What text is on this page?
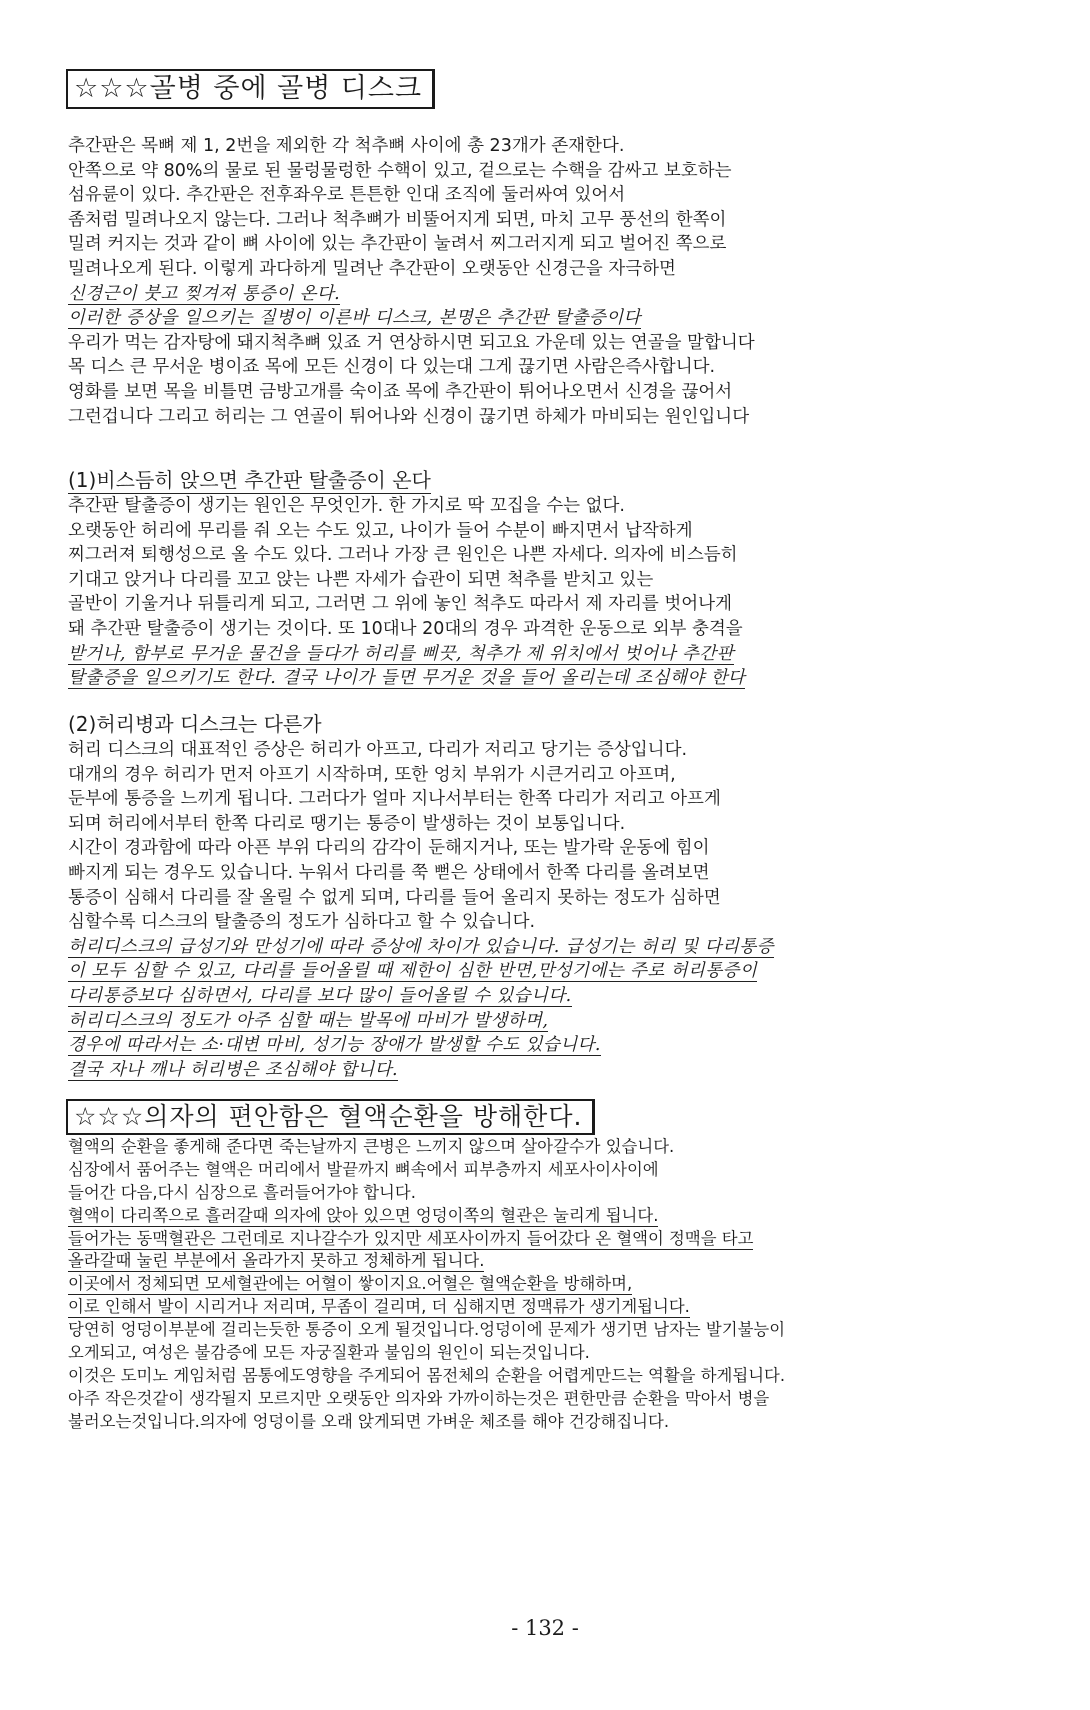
☆☆☆골병 중에 골병 디스크
추간판은 목뼈 제 1, 2번을 제외한 각 척추뼈 사이에 총 23개가 존재한다.
안쪽으로 약 80%의 물로 된 물렁물렁한 수핵이 있고, 겉으로는 수핵을 감싸고 보호하는
섬유륜이 있다. 추간판은 전후좌우로 튼튼한 인대 조직에 둘러싸여 있어서
좀처럼 밀려나오지 않는다. 그러나 척추뼈가 비뚤어지게 되면, 마치 고무 풍선의 한쪽이
밀려 커지는 것과 같이 뼈 사이에 있는 추간판이 눌려서 찌그러지게 되고 벌어진 쪽으로
밀려나오게 된다. 이렇게 과다하게 밀려난 추간판이 오랫동안 신경근을 자극하면
신경근이 붓고 찢겨져 통증이 온다.
이러한 증상을 일으키는 질병이 이른바 디스크, 본명은 추간판 탈출증이다
우리가 먹는 감자탕에 돼지척추뼈 있죠 거 연상하시면 되고요 가운데 있는 연골을 말합니다
목 디스 큰 무서운 병이죠 목에 모든 신경이 다 있는대 그게 끊기면 사람은즉사합니다.
영화를 보면 목을 비틀면 금방고개를 숙이죠 목에 추간판이 튀어나오면서 신경을 끊어서
그런겁니다 그리고 허리는 그 연골이 튀어나와 신경이 끊기면 하체가 마비되는 원인입니다
(1)비스듬히 앉으면 추간판 탈출증이 온다
추간판 탈출증이 생기는 원인은 무엇인가. 한 가지로 딱 꼬집을 수는 없다.
오랫동안 허리에 무리를 줘 오는 수도 있고, 나이가 들어 수분이 빠지면서 납작하게
찌그러져 퇴행성으로 올 수도 있다. 그러나 가장 큰 원인은 나쁜 자세다. 의자에 비스듬히
기대고 앉거나 다리를 꼬고 앉는 나쁜 자세가 습관이 되면 척추를 받치고 있는
골반이 기울거나 뒤틀리게 되고, 그러면 그 위에 놓인 척추도 따라서 제 자리를 벗어나게
돼 추간판 탈출증이 생기는 것이다. 또 10대나 20대의 경우 과격한 운동으로 외부 충격을
받거나, 함부로 무거운 물건을 들다가 허리를 삐끗, 척추가 제 위치에서 벗어나 추간판
탈출증을 일으키기도 한다. 결국 나이가 들면 무거운 것을 들어 올리는데 조심해야 한다
(2)허리병과 디스크는 다른가
허리 디스크의 대표적인 증상은 허리가 아프고, 다리가 저리고 당기는 증상입니다.
대개의 경우 허리가 먼저 아프기 시작하며, 또한 엉치 부위가 시큰거리고 아프며,
둔부에 통증을 느끼게 됩니다. 그러다가 얼마 지나서부터는 한쪽 다리가 저리고 아프게
되며 허리에서부터 한쪽 다리로 땡기는 통증이 발생하는 것이 보통입니다.
시간이 경과함에 따라 아픈 부위 다리의 감각이 둔해지거나, 또는 발가락 운동에 힘이
빠지게 되는 경우도 있습니다. 누워서 다리를 쭉 뻗은 상태에서 한쪽 다리를 올려보면
통증이 심해서 다리를 잘 올릴 수 없게 되며, 다리를 들어 올리지 못하는 정도가 심하면
심할수록 디스크의 탈출증의 정도가 심하다고 할 수 있습니다.
허리디스크의 급성기와 만성기에 따라 증상에 차이가 있습니다. 급성기는 허리 및 다리통증
이 모두 심할 수 있고, 다리를 들어올릴 때 제한이 심한 반면,만성기에는 주로 허리통증이
다리통증보다 심하면서, 다리를 보다 많이 들어올릴 수 있습니다.
허리디스크의 정도가 아주 심할 때는 발목에 마비가 발생하며,
경우에 따라서는 소·대변 마비, 성기능 장애가 발생할 수도 있습니다.
결국 자나 깨나 허리병은 조심해야 합니다.
☆☆☆의자의 편안함은 혈액순환을 방해한다.
혈액의 순환을 좋게해 준다면 죽는날까지 큰병은 느끼지 않으며 살아갈수가 있습니다.
심장에서 품어주는 혈액은 머리에서 발끝까지 뼈속에서 피부층까지 세포사이사이에
들어간 다음,다시 심장으로 흘러들어가야 합니다.
혈액이 다리쪽으로 흘러갈때 의자에 앉아 있으면 엉덩이쪽의 혈관은 눌리게 됩니다.
들어가는 동맥혈관은 그런데로 지나갈수가 있지만 세포사이까지 들어갔다 온 혈액이 정맥을 타고
올라갈때 눌린 부분에서 올라가지 못하고 정체하게 됩니다.
이곳에서 정체되면 모세혈관에는 어혈이 쌓이지요.어혈은 혈액순환을 방해하며,
이로 인해서 발이 시리거나 저리며, 무좀이 걸리며, 더 심해지면 정맥류가 생기게됩니다.
당연히 엉덩이부분에 걸리는듯한 통증이 오게 될것입니다.엉덩이에 문제가 생기면 남자는 발기불능이
오게되고, 여성은 불감증에 모든 자궁질환과 불임의 원인이 되는것입니다.
이것은 도미노 게임처럼 몸통에도영향을 주게되어 몸전체의 순환을 어렵게만드는 역활을 하게됩니다.
아주 작은것같이 생각될지 모르지만 오랫동안 의자와 가까이하는것은 편한만큼 순환을 막아서 병을
불러오는것입니다.의자에 엉덩이를 오래 앉게되면 가벼운 체조를 해야 건강해집니다.
- 132 -
